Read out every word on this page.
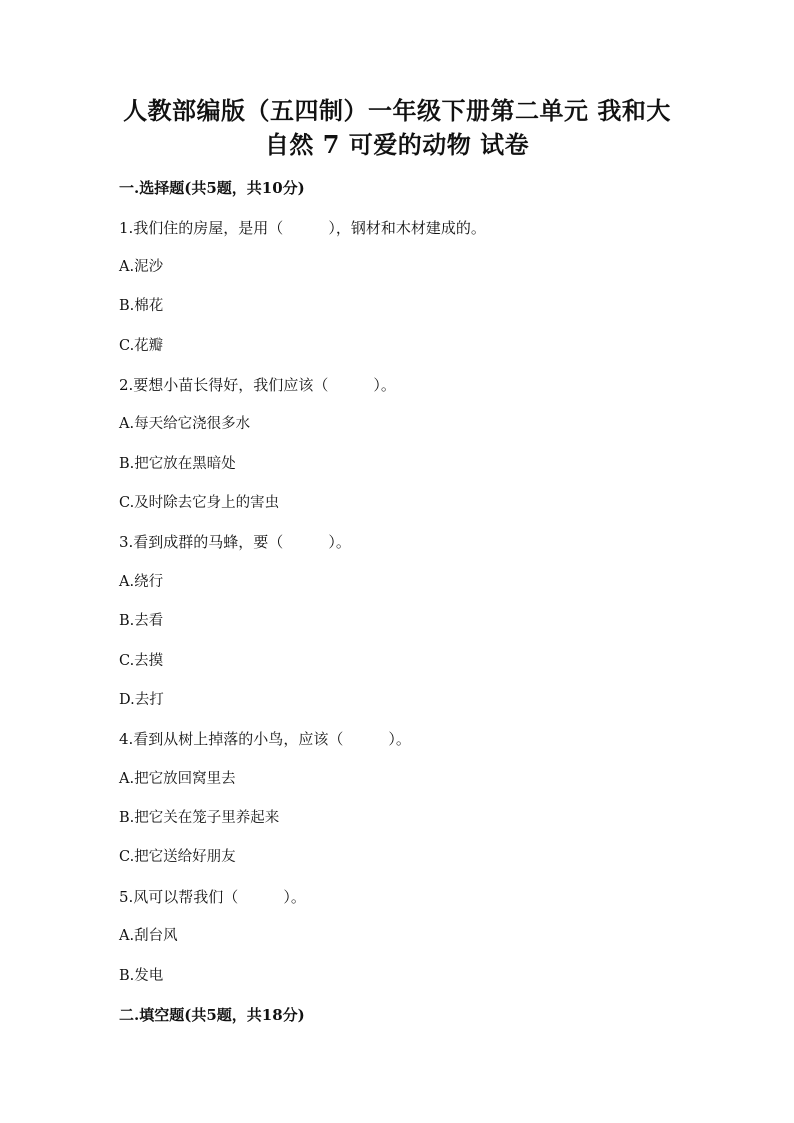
人教部编版（五四制）一年级下册第二单元 我和大
自然 7 可爱的动物 试卷
一.选择题(共5题，共10分)
1.我们住的房屋，是用（　　　），钢材和木材建成的。
A.泥沙
B.棉花
C.花瓣
2.要想小苗长得好，我们应该（　　　）。
A.每天给它浇很多水
B.把它放在黑暗处
C.及时除去它身上的害虫
3.看到成群的马蜂，要（　　　）。
A.绕行
B.去看
C.去摸
D.去打
4.看到从树上掉落的小鸟，应该（　　　）。
A.把它放回窝里去
B.把它关在笼子里养起来
C.把它送给好朋友
5.风可以帮我们（　　　）。
A.刮台风
B.发电
二.填空题(共5题，共18分)
